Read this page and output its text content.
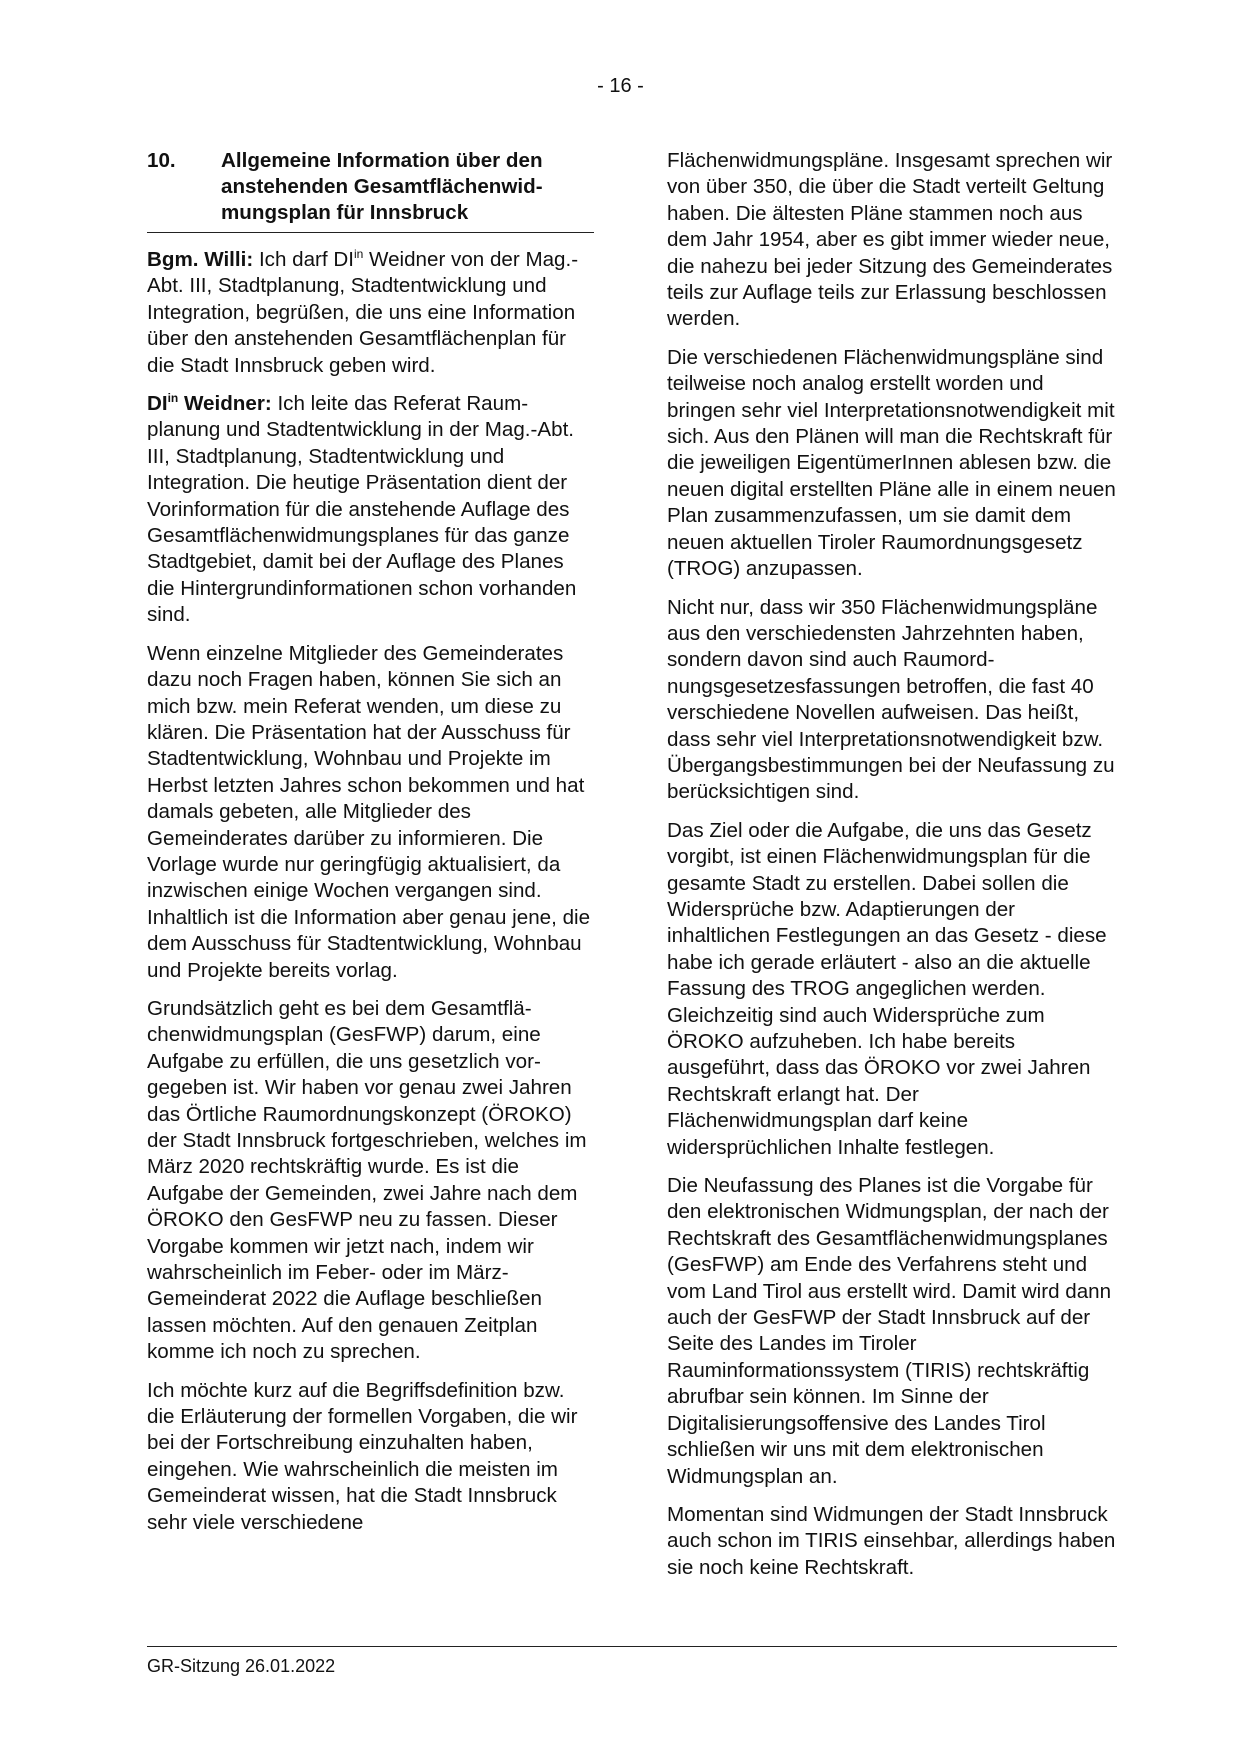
- 16 -
10.	Allgemeine Information über den anstehenden Gesamtflächenwidmungsplan für Innsbruck

Bgm. Willi: Ich darf $DI^{in}$ Weidner von der Mag.-Abt. III, Stadtplanung, Stadtentwicklung und Integration, begrüßen, die uns eine Information über den anstehenden Gesamtflächenplan für die Stadt Innsbruck geben wird.

$DI^{in}$ Weidner: Ich leite das Referat Raumplanung und Stadtentwicklung in der Mag.-Abt. III, Stadtplanung, Stadtentwicklung und Integration. Die heutige Präsentation dient der Vorinformation für die anstehende Auflage des Gesamtflächenwidmungsplanes für das ganze Stadtgebiet, damit bei der Auflage des Planes die Hintergrundinformationen schon vorhanden sind.

Wenn einzelne Mitglieder des Gemeinderates dazu noch Fragen haben, können Sie sich an mich bzw. mein Referat wenden, um diese zu klären. Die Präsentation hat der Ausschuss für Stadtentwicklung, Wohnbau und Projekte im Herbst letzten Jahres schon bekommen und hat damals gebeten, alle Mitglieder des Gemeinderates darüber zu informieren. Die Vorlage wurde nur geringfügig aktualisiert, da inzwischen einige Wochen vergangen sind. Inhaltlich ist die Information aber genau jene, die dem Ausschuss für Stadtentwicklung, Wohnbau und Projekte bereits vorlag.

Grundsätzlich geht es bei dem Gesamtflächenwidmungsplan (GesFWP) darum, eine Aufgabe zu erfüllen, die uns gesetzlich vorgegeben ist. Wir haben vor genau zwei Jahren das Örtliche Raumordnungskonzept (ÖROKO) der Stadt Innsbruck fortgeschrieben, welches im März 2020 rechtskräftig wurde. Es ist die Aufgabe der Gemeinden, zwei Jahre nach dem ÖROKO den GesFWP neu zu fassen. Dieser Vorgabe kommen wir jetzt nach, indem wir wahrscheinlich im Feber- oder im März-Gemeinderat 2022 die Auflage beschließen lassen möchten. Auf den genauen Zeitplan komme ich noch zu sprechen.

Ich möchte kurz auf die Begriffsdefinition bzw. die Erläuterung der formellen Vorgaben, die wir bei der Fortschreibung einzuhalten haben, eingehen. Wie wahrscheinlich die meisten im Gemeinderat wissen, hat die Stadt Innsbruck sehr viele verschiedene

Flächenwidmungspläne. Insgesamt sprechen wir von über 350, die über die Stadt verteilt Geltung haben. Die ältesten Pläne stammen noch aus dem Jahr 1954, aber es gibt immer wieder neue, die nahezu bei jeder Sitzung des Gemeinderates teils zur Auflage teils zur Erlassung beschlossen werden.

Die verschiedenen Flächenwidmungspläne sind teilweise noch analog erstellt worden und bringen sehr viel Interpretationsnotwendigkeit mit sich. Aus den Plänen will man die Rechtskraft für die jeweiligen EigentümerInnen ablesen bzw. die neuen digital erstellten Pläne alle in einem neuen Plan zusammenzufassen, um sie damit dem neuen aktuellen Tiroler Raumordnungsgesetz (TROG) anzupassen.

Nicht nur, dass wir 350 Flächenwidmungspläne aus den verschiedensten Jahrzehnten haben, sondern davon sind auch Raumordnungsgesetzesfassungen betroffen, die fast 40 verschiedene Novellen aufweisen. Das heißt, dass sehr viel Interpretationsnotwendigkeit bzw. Übergangsbestimmungen bei der Neufassung zu berücksichtigen sind.

Das Ziel oder die Aufgabe, die uns das Gesetz vorgibt, ist einen Flächenwidmungsplan für die gesamte Stadt zu erstellen. Dabei sollen die Widersprüche bzw. Adaptierungen der inhaltlichen Festlegungen an das Gesetz - diese habe ich gerade erläutert - also an die aktuelle Fassung des TROG angeglichen werden. Gleichzeitig sind auch Widersprüche zum ÖROKO aufzuheben. Ich habe bereits ausgeführt, dass das ÖROKO vor zwei Jahren Rechtskraft erlangt hat. Der Flächenwidmungsplan darf keine widersprüchlichen Inhalte festlegen.

Die Neufassung des Planes ist die Vorgabe für den elektronischen Widmungsplan, der nach der Rechtskraft des Gesamtflächenwidmungsplanes (GesFWP) am Ende des Verfahrens steht und vom Land Tirol aus erstellt wird. Damit wird dann auch der GesFWP der Stadt Innsbruck auf der Seite des Landes im Tiroler Rauminformationssystem (TIRIS) rechtskräftig abrufbar sein können. Im Sinne der Digitalisierungsoffensive des Landes Tirol schließen wir uns mit dem elektronischen Widmungsplan an.

Momentan sind Widmungen der Stadt Innsbruck auch schon im TIRIS einsehbar, allerdings haben sie noch keine Rechtskraft.

GR-Sitzung 26.01.2022
